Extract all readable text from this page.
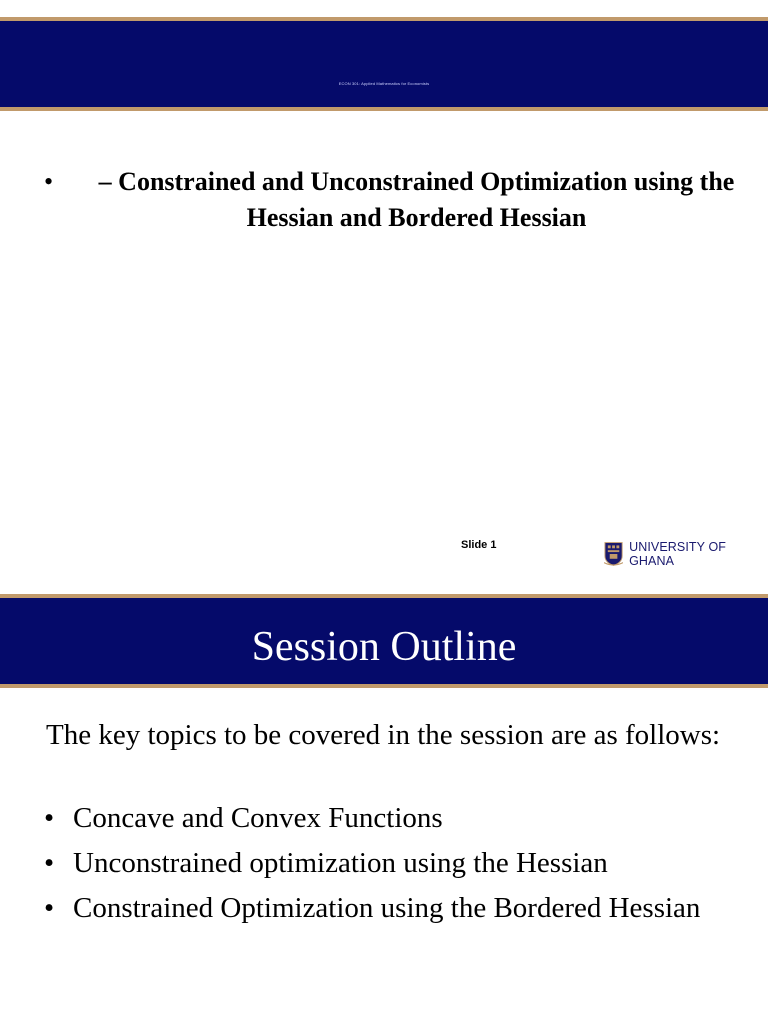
ECON 301: Applied Mathematics for Economists
•	– Constrained and Unconstrained Optimization using the Hessian and Bordered Hessian
Slide 1	UNIVERSITY OF GHANA
Session Outline
The key topics to be covered in the session are as follows:
• Concave and Convex Functions
• Unconstrained optimization using the Hessian
• Constrained Optimization using the Bordered Hessian
